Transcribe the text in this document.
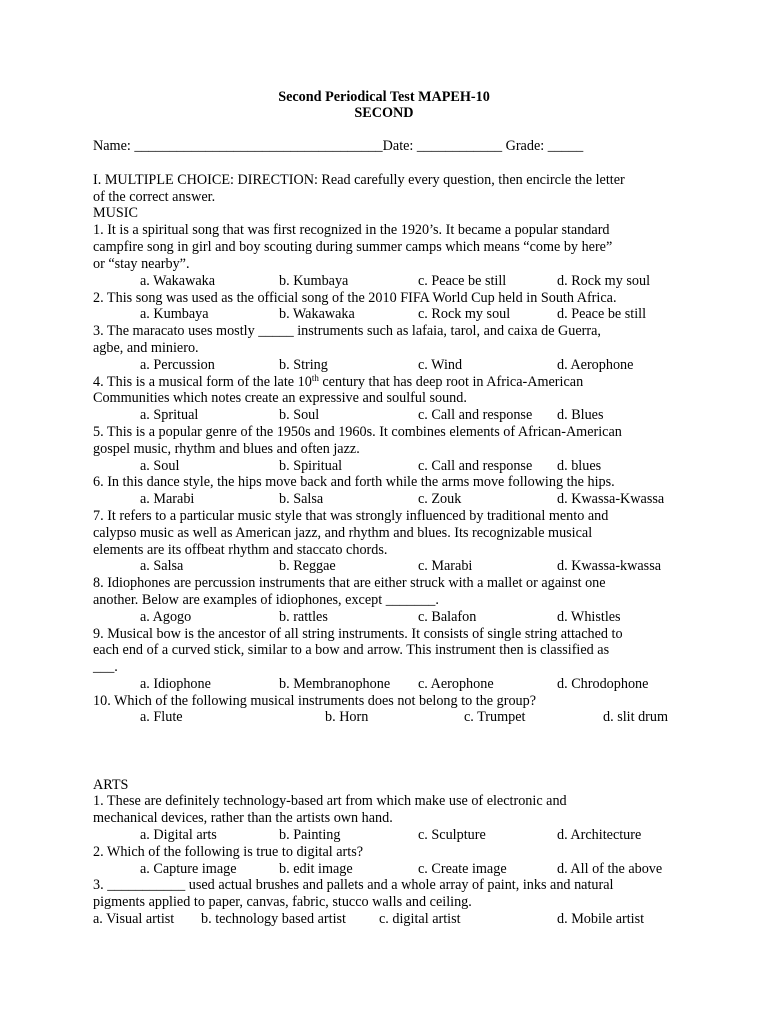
Second Periodical Test MAPEH-10
SECOND
Name: ___________________________________Date: ____________ Grade: _____
I. MULTIPLE CHOICE: DIRECTION: Read carefully every question, then encircle the letter
of the correct answer.
MUSIC
1. It is a spiritual song that was first recognized in the 1920’s. It became a popular standard
campfire song in girl and boy scouting during summer camps which means “come by here”
or “stay nearby”.
a. Wakawaka	b. Kumbaya	c. Peace be still	d. Rock my soul
2. This song was used as the official song of the 2010 FIFA World Cup held in South Africa.
a. Kumbaya	b. Wakawaka	c. Rock my soul	d. Peace be still
3. The maracato uses mostly _____ instruments such as lafaia, tarol, and caixa de Guerra,
agbe, and miniero.
a. Percussion	b. String	c. Wind	d. Aerophone
4. This is a musical form of the late 10th century that has deep root in Africa-American
Communities which notes create an expressive and soulful sound.
a. Spritual	b. Soul	c. Call and response d. Blues
5. This is a popular genre of the 1950s and 1960s. It combines elements of African-American
gospel music, rhythm and blues and often jazz.
a. Soul	b. Spiritual	c. Call and response d. blues
6. In this dance style, the hips move back and forth while the arms move following the hips.
a. Marabi	b. Salsa	c. Zouk	d. Kwassa-Kwassa
7. It refers to a particular music style that was strongly influenced by traditional mento and
calypso music as well as American jazz, and rhythm and blues. Its recognizable musical
elements are its offbeat rhythm and staccato chords.
a. Salsa	b. Reggae	c. Marabi	d. Kwassa-kwassa
8. Idiophones are percussion instruments that are either struck with a mallet or against one
another. Below are examples of idiophones, except _______.
a. Agogo	b. rattles	c. Balafon	d. Whistles
9. Musical bow is the ancestor of all string instruments. It consists of single string attached to
each end of a curved stick, similar to a bow and arrow. This instrument then is classified as
___.
a. Idiophone	b. Membranophone c. Aerophone	d. Chrodophone
10. Which of the following musical instruments does not belong to the group?
a. Flute	b. Horn	c. Trumpet	d. slit drum
ARTS
1. These are definitely technology-based art from which make use of electronic and
mechanical devices, rather than the artists own hand.
a. Digital arts	b. Painting	c. Sculpture	d. Architecture
2. Which of the following is true to digital arts?
a. Capture image	b. edit image	c. Create image	d. All of the above
3. ___________ used actual brushes and pallets and a whole array of paint, inks and natural
pigments applied to paper, canvas, fabric, stucco walls and ceiling.
a. Visual artist b. technology based artist c. digital artist	d. Mobile artist
